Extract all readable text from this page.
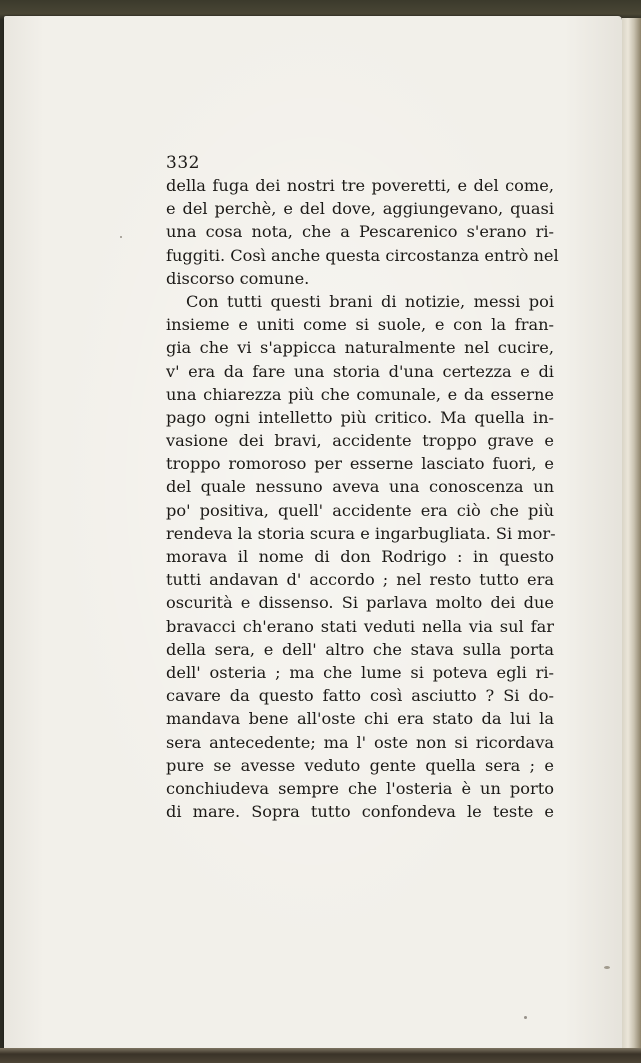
332
della fuga dei nostri tre poveretti, e del come,
e del perchè, e del dove, aggiungevano, quasi
una cosa nota, che a Pescarenico s'erano ri-
fuggiti. Così anche questa circostanza entrò nel
discorso comune.
Con tutti questi brani di notizie, messi poi
insieme e uniti come si suole, e con la fran-
gia che vi s'appicca naturalmente nel cucire,
v' era da fare una storia d'una certezza e di
una chiarezza più che comunale, e da esserne
pago ogni intelletto più critico. Ma quella in-
vasione dei bravi, accidente troppo grave e
troppo romoroso per esserne lasciato fuori, e
del quale nessuno aveva una conoscenza un
po' positiva, quell' accidente era ciò che più
rendeva la storia scura e ingarbugliata. Si mor-
morava il nome di don Rodrigo : in questo
tutti andavan d' accordo ; nel resto tutto era
oscurità e dissenso. Si parlava molto dei due
bravacci ch'erano stati veduti nella via sul far
della sera, e dell' altro che stava sulla porta
dell' osteria ; ma che lume si poteva egli ri-
cavare da questo fatto così asciutto ? Si do-
mandava bene all'oste chi era stato da lui la
sera antecedente; ma l' oste non si ricordava
pure se avesse veduto gente quella sera ; e
conchiudeva sempre che l'osteria è un porto
di mare. Sopra tutto confondeva le teste e
